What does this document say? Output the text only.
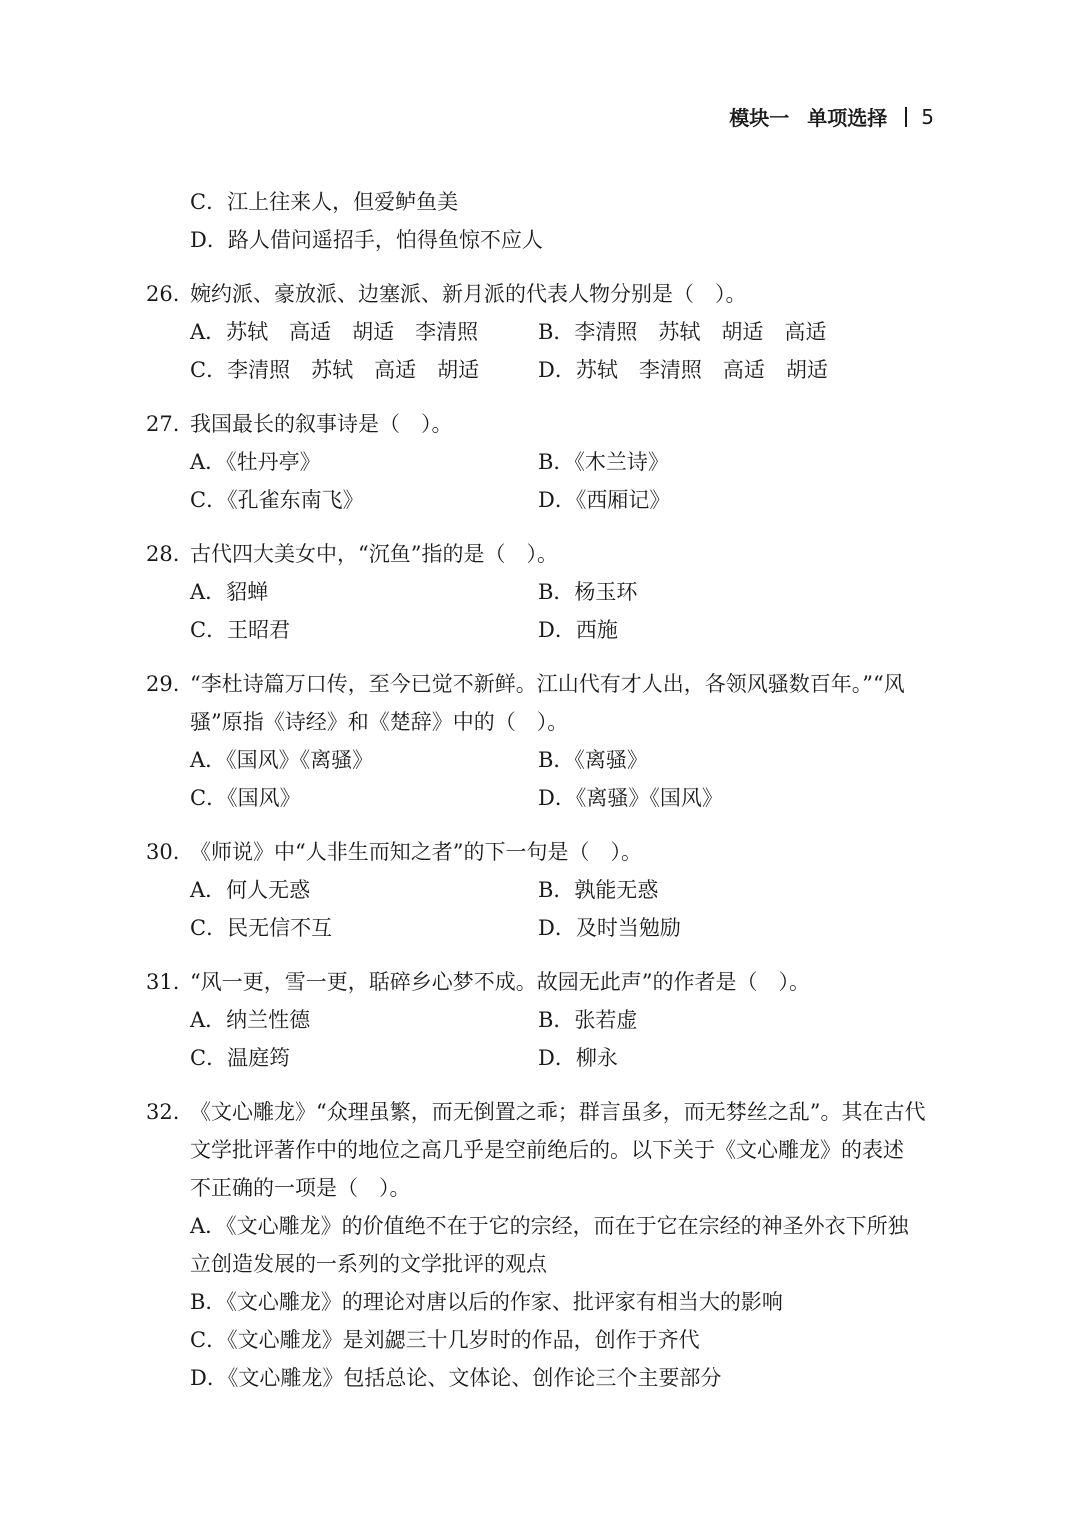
模块一 单项选择 5
C．江上往来人，但爱鲈鱼美
D．路人借问遥招手，怕得鱼惊不应人
26. 婉约派、豪放派、边塞派、新月派的代表人物分别是（　）。
A．苏轼　高适　胡适　李清照	B．李清照　苏轼　胡适　高适
C．李清照　苏轼　高适　胡适	D．苏轼　李清照　高适　胡适
27. 我国最长的叙事诗是（　）。
A．《牡丹亭》	B．《木兰诗》
C．《孔雀东南飞》	D．《西厢记》
28. 古代四大美女中，“沉鱼”指的是（　）。
A．貂蝉	B．杨玉环
C．王昭君	D．西施
29. “李杜诗篇万口传，至今已觉不新鲜。江山代有才人出，各领风骚数百年。”“风
骚”原指《诗经》和《楚辞》中的（　）。
A．《国风》《离骚》	B．《离骚》
C．《国风》	D．《离骚》《国风》
30. 《师说》中“人非生而知之者”的下一句是（　）。
A．何人无惑	B．孰能无惑
C．民无信不互	D．及时当勉励
31. “风一更，雪一更，聒碎乡心梦不成。故园无此声”的作者是（　）。
A．纳兰性德	B．张若虚
C．温庭筠	D．柳永
32. 《文心雕龙》“众理虽繁，而无倒置之乖；群言虽多，而无棼丝之乱”。其在古代
文学批评著作中的地位之高几乎是空前绝后的。以下关于《文心雕龙》的表述
不正确的一项是（　）。
A．《文心雕龙》的价值绝不在于它的宗经，而在于它在宗经的神圣外衣下所独
立创造发展的一系列的文学批评的观点
B．《文心雕龙》的理论对唐以后的作家、批评家有相当大的影响
C．《文心雕龙》是刘勰三十几岁时的作品，创作于齐代
D．《文心雕龙》包括总论、文体论、创作论三个主要部分
